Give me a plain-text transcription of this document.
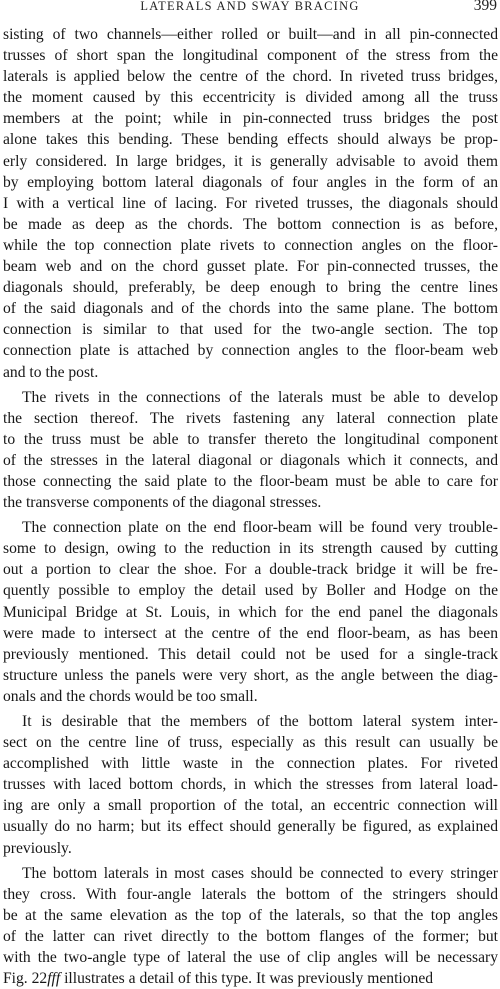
LATERALS AND SWAY BRACING	399
sisting of two channels—either rolled or built—and in all pin-connected
trusses of short span the longitudinal component of the stress from the
laterals is applied below the centre of the chord. In riveted truss bridges,
the moment caused by this eccentricity is divided among all the truss
members at the point; while in pin-connected truss bridges the post
alone takes this bending. These bending effects should always be prop-
erly considered. In large bridges, it is generally advisable to avoid them
by employing bottom lateral diagonals of four angles in the form of an
I with a vertical line of lacing. For riveted trusses, the diagonals should
be made as deep as the chords. The bottom connection is as before,
while the top connection plate rivets to connection angles on the floor-
beam web and on the chord gusset plate. For pin-connected trusses, the
diagonals should, preferably, be deep enough to bring the centre lines
of the said diagonals and of the chords into the same plane. The bottom
connection is similar to that used for the two-angle section. The top
connection plate is attached by connection angles to the floor-beam web
and to the post.
The rivets in the connections of the laterals must be able to develop
the section thereof. The rivets fastening any lateral connection plate
to the truss must be able to transfer thereto the longitudinal component
of the stresses in the lateral diagonal or diagonals which it connects, and
those connecting the said plate to the floor-beam must be able to care for
the transverse components of the diagonal stresses.
The connection plate on the end floor-beam will be found very trouble-
some to design, owing to the reduction in its strength caused by cutting
out a portion to clear the shoe. For a double-track bridge it will be fre-
quently possible to employ the detail used by Boller and Hodge on the
Municipal Bridge at St. Louis, in which for the end panel the diagonals
were made to intersect at the centre of the end floor-beam, as has been
previously mentioned. This detail could not be used for a single-track
structure unless the panels were very short, as the angle between the diag-
onals and the chords would be too small.
It is desirable that the members of the bottom lateral system inter-
sect on the centre line of truss, especially as this result can usually be
accomplished with little waste in the connection plates. For riveted
trusses with laced bottom chords, in which the stresses from lateral load-
ing are only a small proportion of the total, an eccentric connection will
usually do no harm; but its effect should generally be figured, as explained
previously.
The bottom laterals in most cases should be connected to every stringer
they cross. With four-angle laterals the bottom of the stringers should
be at the same elevation as the top of the laterals, so that the top angles
of the latter can rivet directly to the bottom flanges of the former; but
with the two-angle type of lateral the use of clip angles will be necessary
Fig. 22fff illustrates a detail of this type. It was previously mentioned
